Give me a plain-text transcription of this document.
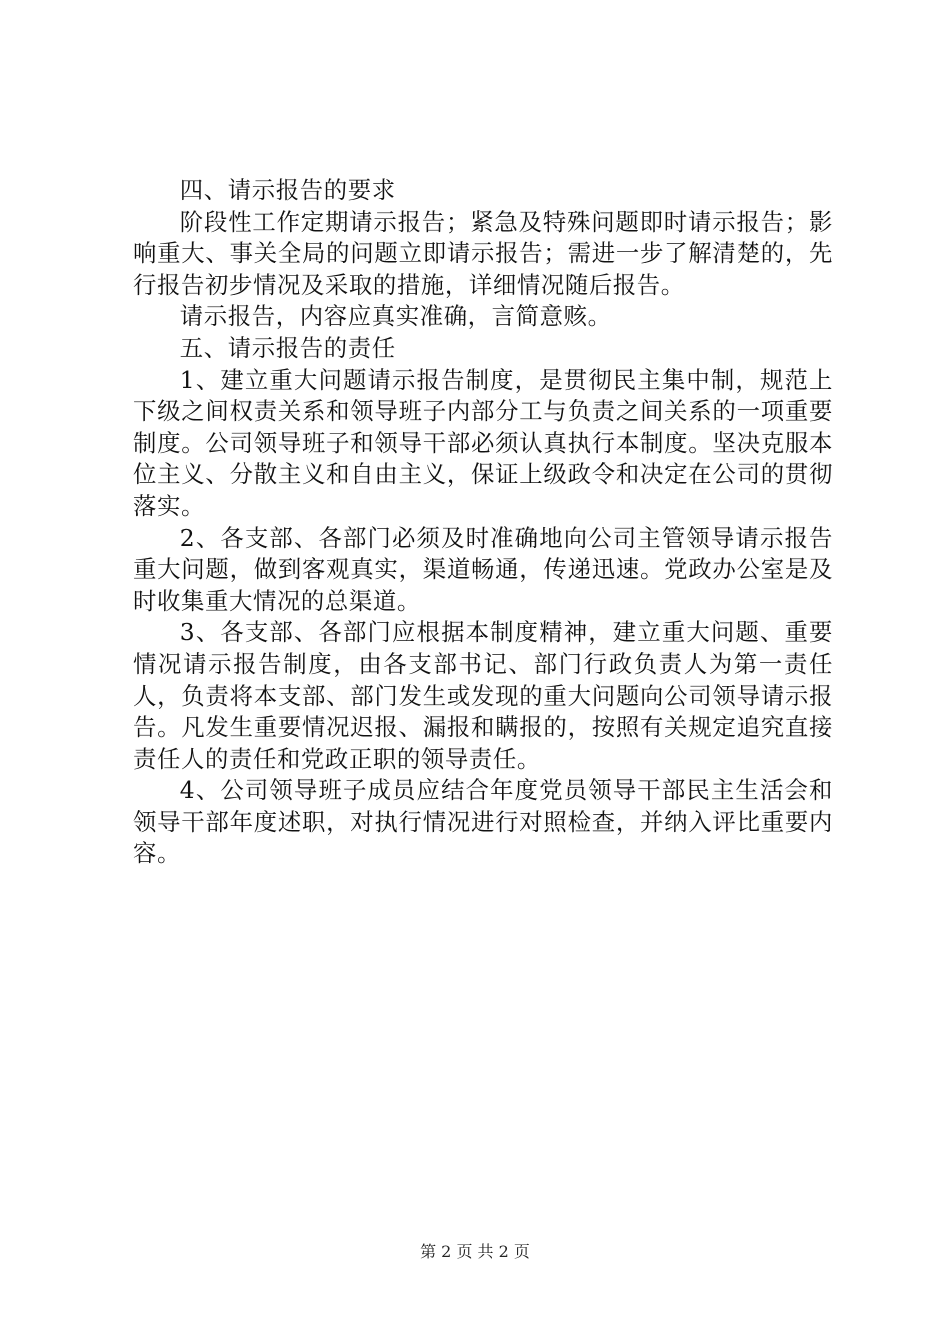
四、请示报告的要求

阶段性工作定期请示报告；紧急及特殊问题即时请示报告；影响重大、事关全局的问题立即请示报告；需进一步了解清楚的，先行报告初步情况及采取的措施，详细情况随后报告。

请示报告，内容应真实准确，言简意赅。

五、请示报告的责任

1、建立重大问题请示报告制度，是贯彻民主集中制，规范上下级之间权责关系和领导班子内部分工与负责之间关系的一项重要制度。公司领导班子和领导干部必须认真执行本制度。坚决克服本位主义、分散主义和自由主义，保证上级政令和决定在公司的贯彻落实。

2、各支部、各部门必须及时准确地向公司主管领导请示报告重大问题，做到客观真实，渠道畅通，传递迅速。党政办公室是及时收集重大情况的总渠道。

3、各支部、各部门应根据本制度精神，建立重大问题、重要情况请示报告制度，由各支部书记、部门行政负责人为第一责任人，负责将本支部、部门发生或发现的重大问题向公司领导请示报告。凡发生重要情况迟报、漏报和瞒报的，按照有关规定追究直接责任人的责任和党政正职的领导责任。

4、公司领导班子成员应结合年度党员领导干部民主生活会和领导干部年度述职，对执行情况进行对照检查，并纳入评比重要内容。

第 2 页 共 2 页
